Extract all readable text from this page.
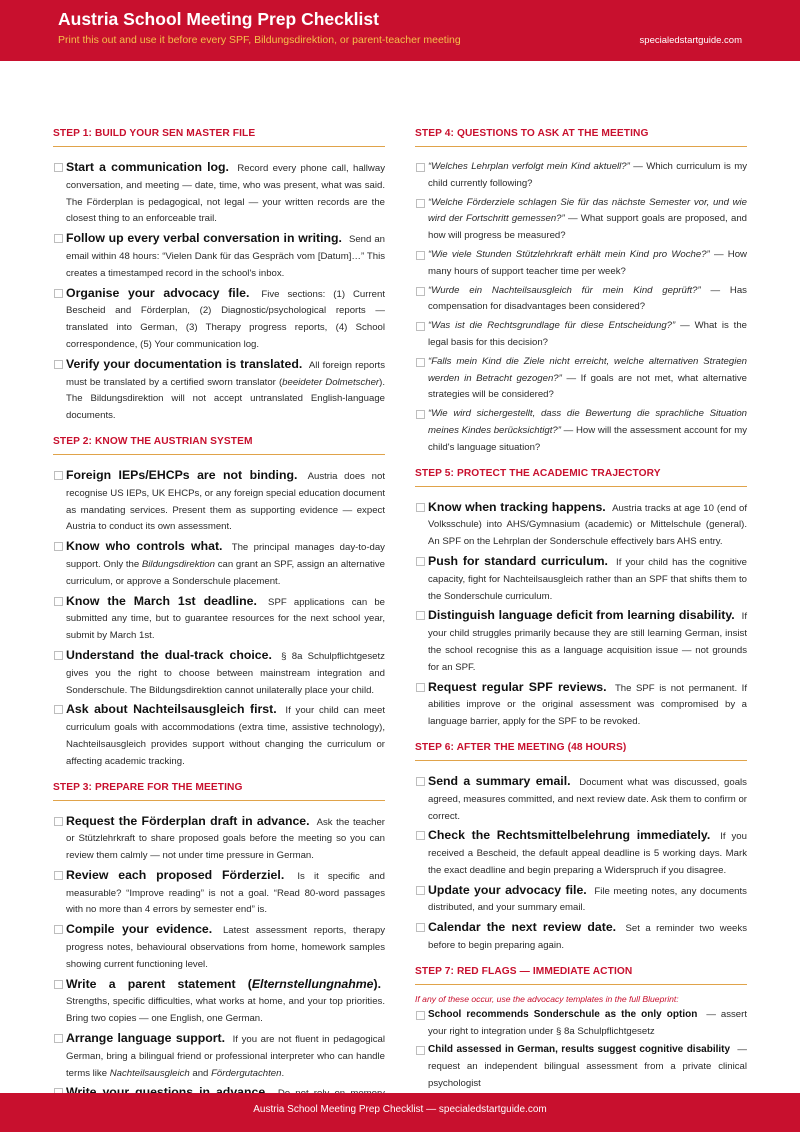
Austria School Meeting Prep Checklist
Print this out and use it before every SPF, Bildungsdirektion, or parent-teacher meeting	specialedstartguide.com
STEP 1: BUILD YOUR SEN MASTER FILE
Start a communication log. Record every phone call, hallway conversation, and meeting — date, time, who was present, what was said. The Förderplan is pedagogical, not legal — your written records are the closest thing to an enforceable trail.
Follow up every verbal conversation in writing. Send an email within 48 hours: “Vielen Dank für das Gespräch vom [Datum]…” This creates a timestamped record in the school's inbox.
Organise your advocacy file. Five sections: (1) Current Bescheid and Förderplan, (2) Diagnostic/psychological reports — translated into German, (3) Therapy progress reports, (4) School correspondence, (5) Your communication log.
Verify your documentation is translated. All foreign reports must be translated by a certified sworn translator (beeideter Dolmetscher). The Bildungsdirektion will not accept untranslated English-language documents.
STEP 2: KNOW THE AUSTRIAN SYSTEM
Foreign IEPs/EHCPs are not binding. Austria does not recognise US IEPs, UK EHCPs, or any foreign special education document as mandating services. Present them as supporting evidence — expect Austria to conduct its own assessment.
Know who controls what. The principal manages day-to-day support. Only the Bildungsdirektion can grant an SPF, assign an alternative curriculum, or approve a Sonderschule placement.
Know the March 1st deadline. SPF applications can be submitted any time, but to guarantee resources for the next school year, submit by March 1st.
Understand the dual-track choice. § 8a Schulpflichtgesetz gives you the right to choose between mainstream integration and Sonderschule. The Bildungsdirektion cannot unilaterally place your child.
Ask about Nachteilsausgleich first. If your child can meet curriculum goals with accommodations (extra time, assistive technology), Nachteilsausgleich provides support without changing the curriculum or affecting academic tracking.
STEP 3: PREPARE FOR THE MEETING
Request the Förderplan draft in advance. Ask the teacher or Stützlehrkraft to share proposed goals before the meeting so you can review them calmly — not under time pressure in German.
Review each proposed Förderziel. Is it specific and measurable? “Improve reading” is not a goal. “Read 80-word passages with no more than 4 errors by semester end” is.
Compile your evidence. Latest assessment reports, therapy progress notes, behavioural observations from home, homework samples showing current functioning level.
Write a parent statement (Elternstellungnahme). Strengths, specific difficulties, what works at home, and your top priorities. Bring two copies — one English, one German.
Arrange language support. If you are not fluent in pedagogical German, bring a bilingual friend or professional interpreter who can handle terms like Nachteilsausgleich and Fördergutachten.
STEP 4: QUESTIONS TO ASK AT THE MEETING
“Welches Lehrplan verfolgt mein Kind aktuell?” — Which curriculum is my child currently following?
“Welche Förderziele schlagen Sie für das nächste Semester vor, und wie wird der Fortschritt gemessen?” — What support goals are proposed, and how will progress be measured?
“Wie viele Stunden Stützlehrkraft erhält mein Kind pro Woche?” — How many hours of support teacher time per week?
“Wurde ein Nachteilsausgleich für mein Kind geprüft?” — Has compensation for disadvantages been considered?
“Was ist die Rechtsgrundlage für diese Entscheidung?” — What is the legal basis for this decision?
“Falls mein Kind die Ziele nicht erreicht, welche alternativen Strategien werden in Betracht gezogen?” — If goals are not met, what alternative strategies will be considered?
“Wie wird sichergestellt, dass die Bewertung die sprachliche Situation meines Kindes berücksichtigt?” — How will the assessment account for my child's language situation?
STEP 5: PROTECT THE ACADEMIC TRAJECTORY
Know when tracking happens. Austria tracks at age 10 (end of Volksschule) into AHS/Gymnasium (academic) or Mittelschule (general). An SPF on the Lehrplan der Sonderschule effectively bars AHS entry.
Push for standard curriculum. If your child has the cognitive capacity, fight for Nachteilsausgleich rather than an SPF that shifts them to the Sonderschule curriculum.
Distinguish language deficit from learning disability. If your child struggles primarily because they are still learning German, insist the school recognise this as a language acquisition issue — not grounds for an SPF.
Request regular SPF reviews. The SPF is not permanent. If abilities improve or the original assessment was compromised by a language barrier, apply for the SPF to be revoked.
STEP 6: AFTER THE MEETING (48 HOURS)
Send a summary email. Document what was discussed, goals agreed, measures committed, and next review date. Ask them to confirm or correct.
Check the Rechtsmittelbelehrung immediately. If you received a Bescheid, the default appeal deadline is 5 working days. Mark the exact deadline and begin preparing a Widerspruch if you disagree.
Update your advocacy file. File meeting notes, any documents distributed, and your summary email.
Calendar the next review date. Set a reminder two weeks before to begin preparing again.
STEP 7: RED FLAGS — IMMEDIATE ACTION
If any of these occur, use the advocacy templates in the full Blueprint:
School recommends Sonderschule as the only option — assert your right to integration under § 8a Schulpflichtgesetz
Child assessed in German, results suggest cognitive disability — request an independent bilingual assessment from a private clinical psychologist
Austria School Meeting Prep Checklist — specialedstartguide.com
